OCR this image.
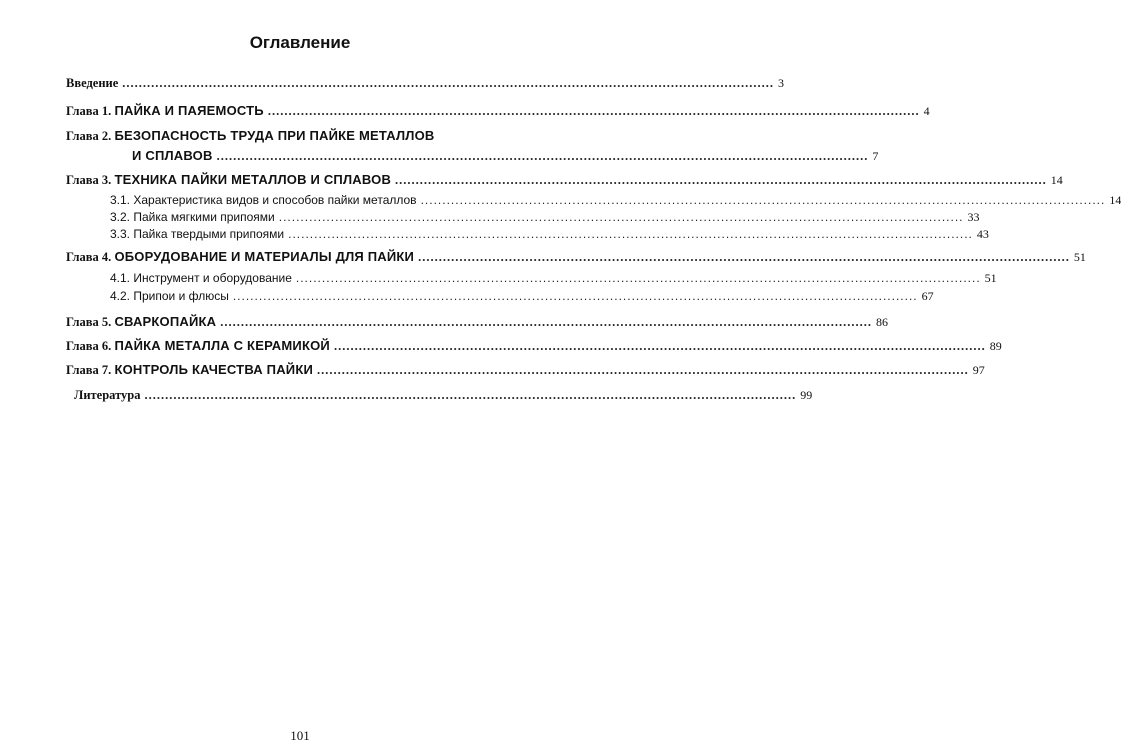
Оглавление
Введение .............................................................................................................................................................. 3
Глава 1. ПАЙКА И ПАЯЕМОСТЬ .............................................................................................................................................................. 4
Глава 2. БЕЗОПАСНОСТЬ ТРУДА ПРИ ПАЙКЕ МЕТАЛЛОВ
И СПЛАВОВ .............................................................................................................................................................. 7
Глава 3. ТЕХНИКА ПАЙКИ МЕТАЛЛОВ И СПЛАВОВ .............................................................................................................................................................. 14
3.1. Характеристика видов и способов пайки металлов .............................................................................................................................................................. 14
3.2. Пайка мягкими припоями .............................................................................................................................................................. 33
3.3. Пайка твердыми припоями .............................................................................................................................................................. 43
Глава 4. ОБОРУДОВАНИЕ И МАТЕРИАЛЫ ДЛЯ ПАЙКИ .............................................................................................................................................................. 51
4.1. Инструмент и оборудование .............................................................................................................................................................. 51
4.2. Припои и флюсы .............................................................................................................................................................. 67
Глава 5. СВАРКОПАЙКА .............................................................................................................................................................. 86
Глава 6. ПАЙКА МЕТАЛЛА С КЕРАМИКОЙ .............................................................................................................................................................. 89
Глава 7. КОНТРОЛЬ КАЧЕСТВА ПАЙКИ .............................................................................................................................................................. 97
Литература .............................................................................................................................................................. 99
101
